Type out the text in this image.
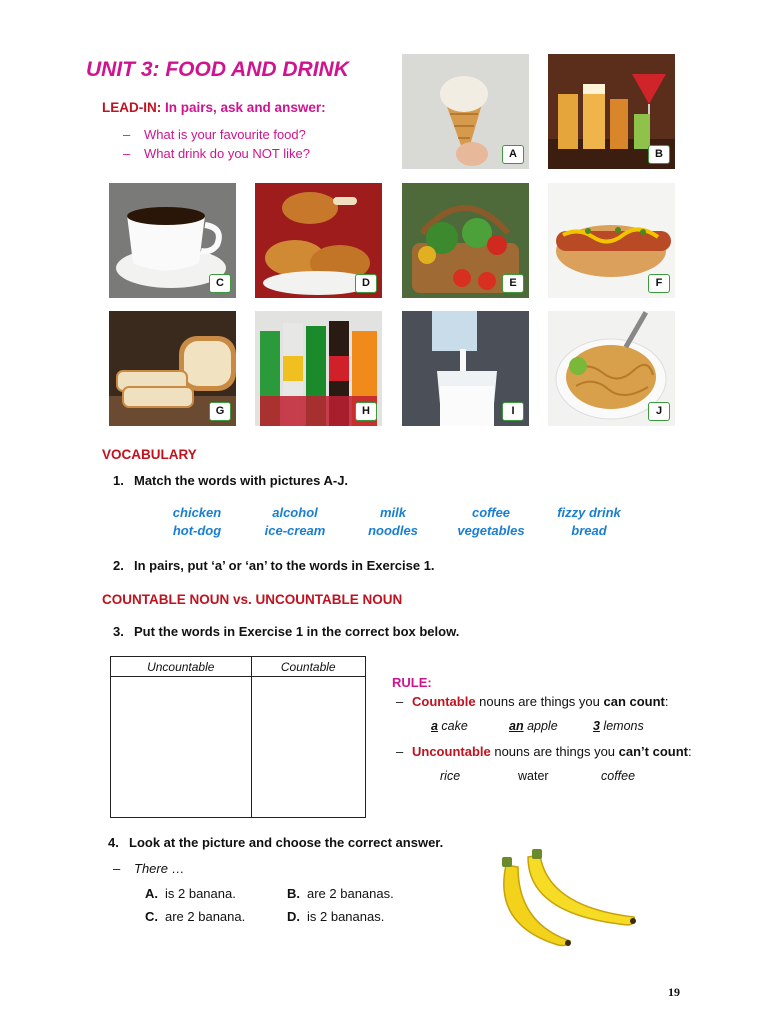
UNIT 3: FOOD AND DRINK
LEAD-IN: In pairs, ask and answer:
– What is your favourite food?
– What drink do you NOT like?	A	B
C	D	E	F
G	H	I	J
VOCABULARY
1. Match the words with pictures A-J.
chicken	alcohol	milk	coffee	fizzy drink
hot-dog	ice-cream	noodles	vegetables	bread
2. In pairs, put ‘a’ or ‘an’ to the words in Exercise 1.
COUNTABLE NOUN vs. UNCOUNTABLE NOUN
3. Put the words in Exercise 1 in the correct box below.
Uncountable	Countable

RULE:
– Countable nouns are things you can count:
a cake	an apple	3 lemons
– Uncountable nouns are things you can’t count:
rice	water	coffee
4. Look at the picture and choose the correct answer.
– There …
A. is 2 banana.	B. are 2 bananas.
C. are 2 banana.	D. is 2 bananas.
19
